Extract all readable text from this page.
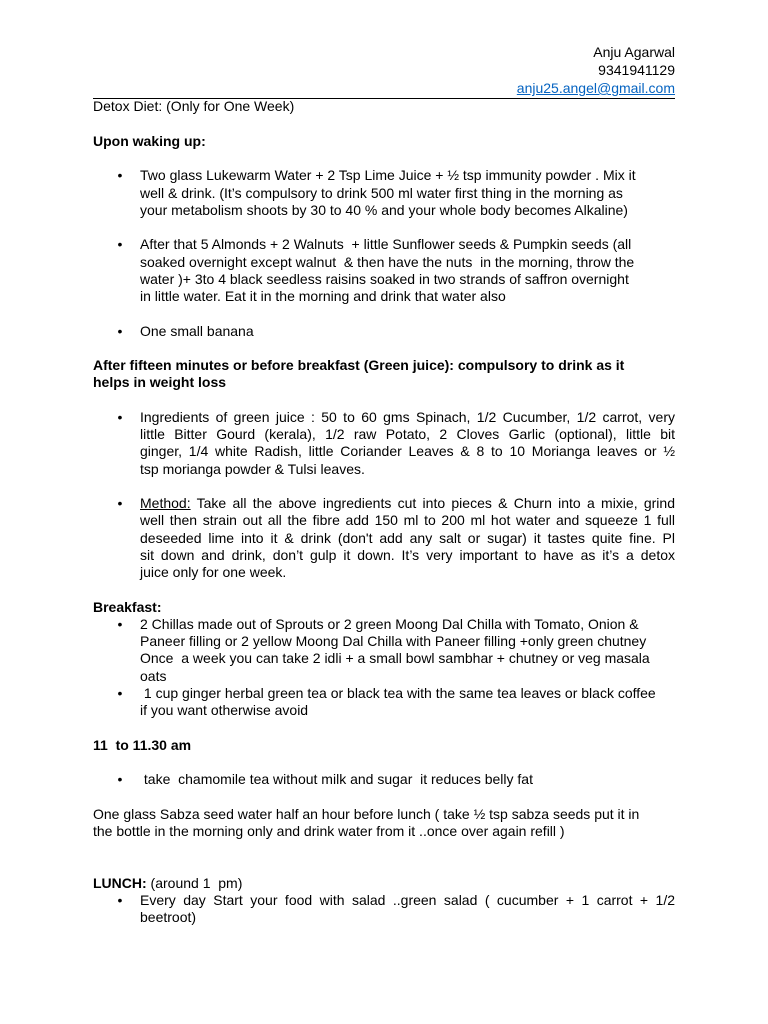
Anju Agarwal
9341941129
anju25.angel@gmail.com
Detox Diet: (Only for One Week)
Upon waking up:
• Two glass Lukewarm Water + 2 Tsp Lime Juice + ½ tsp immunity powder . Mix it
well & drink. (It’s compulsory to drink 500 ml water first thing in the morning as
your metabolism shoots by 30 to 40 % and your whole body becomes Alkaline)
• After that 5 Almonds + 2 Walnuts  + little Sunflower seeds & Pumpkin seeds (all
soaked overnight except walnut  & then have the nuts  in the morning, throw the
water )+ 3to 4 black seedless raisins soaked in two strands of saffron overnight
in little water. Eat it in the morning and drink that water also
• One small banana
After fifteen minutes or before breakfast (Green juice): compulsory to drink as it
helps in weight loss
• Ingredients of green juice : 50 to 60 gms Spinach, 1/2 Cucumber, 1/2 carrot, very
little Bitter Gourd (kerala), 1/2 raw Potato, 2 Cloves Garlic (optional), little bit
ginger, 1/4 white Radish, little Coriander Leaves & 8 to 10 Morianga leaves or ½
tsp morianga powder & Tulsi leaves.
• Method: Take all the above ingredients cut into pieces & Churn into a mixie, grind
well then strain out all the fibre add 150 ml to 200 ml hot water and squeeze 1 full
deseeded lime into it & drink (don't add any salt or sugar) it tastes quite fine. Pl
sit down and drink, don’t gulp it down. It’s very important to have as it’s a detox
juice only for one week.
Breakfast:
• 2 Chillas made out of Sprouts or 2 green Moong Dal Chilla with Tomato, Onion &
Paneer filling or 2 yellow Moong Dal Chilla with Paneer filling +only green chutney
Once  a week you can take 2 idli + a small bowl sambhar + chutney or veg masala
oats
• 1 cup ginger herbal green tea or black tea with the same tea leaves or black coffee
if you want otherwise avoid
11  to 11.30 am
• take  chamomile tea without milk and sugar  it reduces belly fat
One glass Sabza seed water half an hour before lunch ( take ½ tsp sabza seeds put it in
the bottle in the morning only and drink water from it ..once over again refill )
LUNCH: (around 1  pm)
• Every day Start your food with salad ..green salad ( cucumber + 1 carrot + 1/2
beetroot)
